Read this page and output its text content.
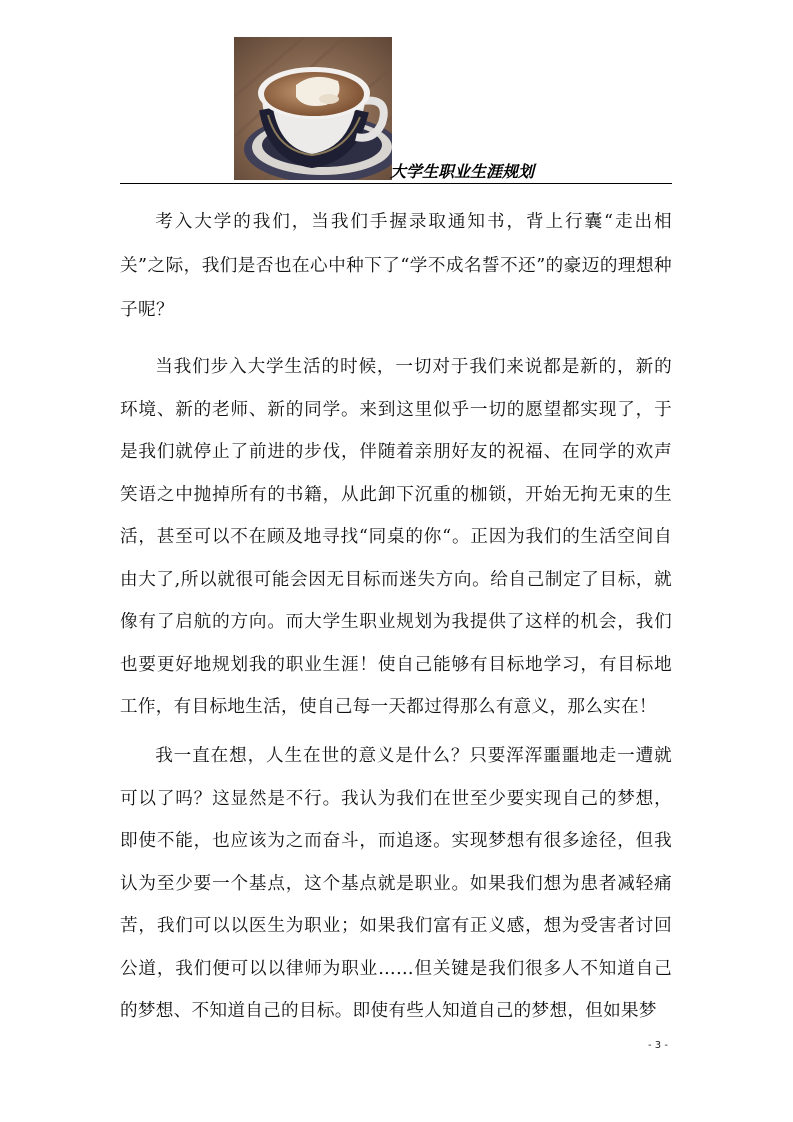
大学生职业生涯规划

考入大学的我们，当我们手握录取通知书，背上行囊“走出相关”之际，我们是否也在心中种下了“学不成名誓不还”的豪迈的理想种子呢？

当我们步入大学生活的时候，一切对于我们来说都是新的，新的环境、新的老师、新的同学。来到这里似乎一切的愿望都实现了，于是我们就停止了前进的步伐，伴随着亲朋好友的祝福、在同学的欢声笑语之中抛掉所有的书籍，从此卸下沉重的枷锁，开始无拘无束的生活，甚至可以不在顾及地寻找“同桌的你“。正因为我们的生活空间自由大了,所以就很可能会因无目标而迷失方向。给自己制定了目标，就像有了启航的方向。而大学生职业规划为我提供了这样的机会，我们也要更好地规划我的职业生涯！使自己能够有目标地学习，有目标地工作，有目标地生活，使自己每一天都过得那么有意义，那么实在！

我一直在想，人生在世的意义是什么？只要浑浑噩噩地走一遭就可以了吗？这显然是不行。我认为我们在世至少要实现自己的梦想，即使不能，也应该为之而奋斗，而追逐。实现梦想有很多途径，但我认为至少要一个基点，这个基点就是职业。如果我们想为患者减轻痛苦，我们可以以医生为职业；如果我们富有正义感，想为受害者讨回公道，我们便可以以律师为职业……但关键是我们很多人不知道自己的梦想、不知道自己的目标。即使有些人知道自己的梦想，但如果梦

- 3 -
